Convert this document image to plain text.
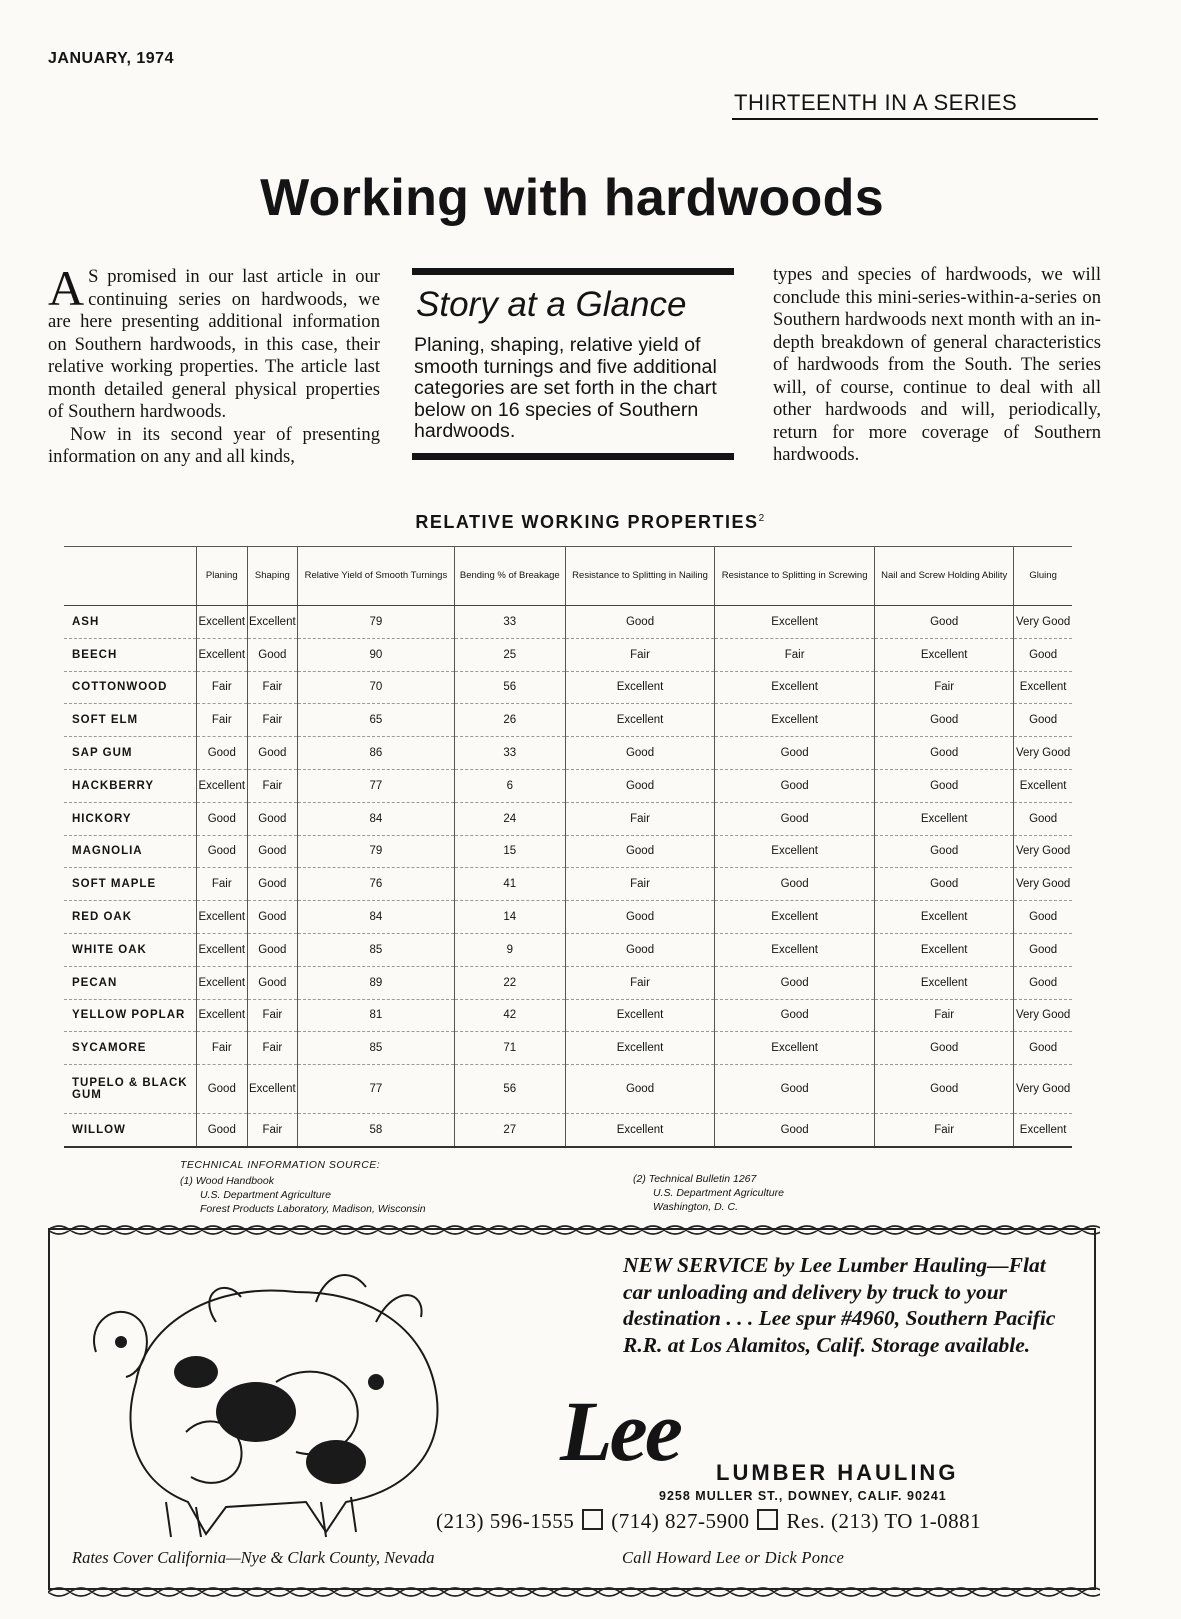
JANUARY, 1974
THIRTEENTH IN A SERIES
Working with hardwoods

A S promised in our last article in our continuing series on hardwoods, we are here presenting additional information on Southern hardwoods, in this case, their relative working properties. The article last month detailed general physical properties of Southern hardwoods.

Now in its second year of presenting information on any and all kinds,

Story at a Glance
Planing, shaping, relative yield of smooth turnings and five additional categories are set forth in the chart below on 16 species of Southern hardwoods.

types and species of hardwoods, we will conclude this mini-series-within-a-series on Southern hardwoods next month with an in-depth breakdown of general characteristics of hardwoods from the South. The series will, of course, continue to deal with all other hardwoods and will, periodically, return for more coverage of Southern hardwoods.

RELATIVE WORKING PROPERTIES$^2$
	Planing	Shaping	Relative Yield of Smooth Turnings	Bending % of Breakage	Resistance to Splitting in Nailing	Resistance to Splitting in Screwing	Nail and Screw Holding Ability	Gluing
ASH	Excellent	Excellent	79	33	Good	Excellent	Good	Very Good
BEECH	Excellent	Good	90	25	Fair	Fair	Excellent	Good
COTTONWOOD	Fair	Fair	70	56	Excellent	Excellent	Fair	Excellent
SOFT ELM	Fair	Fair	65	26	Excellent	Excellent	Good	Good
SAP GUM	Good	Good	86	33	Good	Good	Good	Very Good
HACKBERRY	Excellent	Fair	77	6	Good	Good	Good	Excellent
HICKORY	Good	Good	84	24	Fair	Good	Excellent	Good
MAGNOLIA	Good	Good	79	15	Good	Excellent	Good	Very Good
SOFT MAPLE	Fair	Good	76	41	Fair	Good	Good	Very Good
RED OAK	Excellent	Good	84	14	Good	Excellent	Excellent	Good
WHITE OAK	Excellent	Good	85	9	Good	Excellent	Excellent	Good
PECAN	Excellent	Good	89	22	Fair	Good	Excellent	Good
YELLOW POPLAR	Excellent	Fair	81	42	Excellent	Good	Fair	Very Good
SYCAMORE	Fair	Fair	85	71	Excellent	Excellent	Good	Good
TUPELO & BLACK GUM	Good	Excellent	77	56	Good	Good	Good	Very Good
WILLOW	Good	Fair	58	27	Excellent	Good	Fair	Excellent
TECHNICAL INFORMATION SOURCE:
(1) Wood Handbook
U.S. Department Agriculture
Forest Products Laboratory, Madison, Wisconsin
(2) Technical Bulletin 1267
U.S. Department Agriculture
Washington, D. C.
NEW SERVICE by Lee Lumber Hauling—Flat car unloading and delivery by truck to your destination . . . Lee spur #4960, Southern Pacific R.R. at Los Alamitos, Calif. Storage available.
Lee LUMBER HAULING
9258 MULLER ST., DOWNEY, CALIF. 90241
(213) 596-1555 (714) 827-5900 Res. (213) TO 1-0881
Rates Cover California—Nye & Clark County, Nevada	Call Howard Lee or Dick Ponce
